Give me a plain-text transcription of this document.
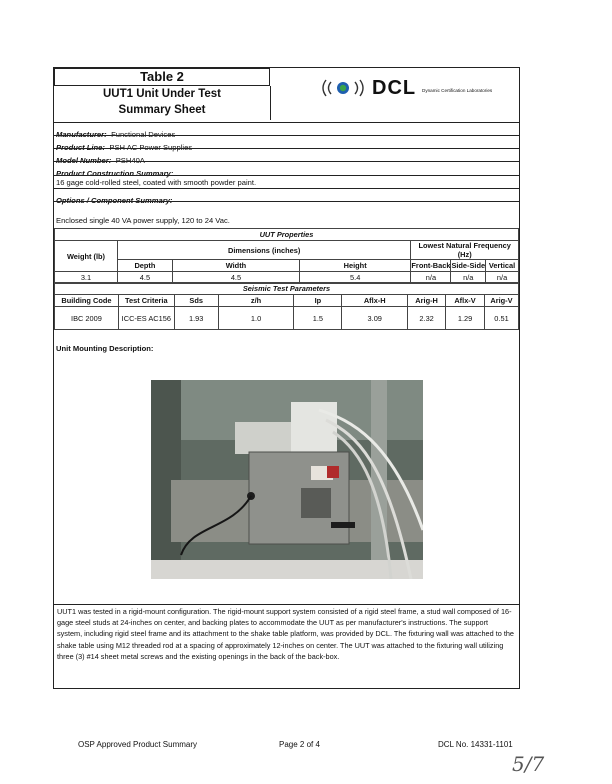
Table 2
UUT1 Unit Under Test
Summary Sheet
DCL Dynamic Certification Laboratories
Manufacturer: Functional Devices
Product Line: PSH AC Power Supplies
Model Number: PSH40A
Product Construction Summary:
16 gage cold-rolled steel, coated with smooth powder paint.
Options / Component Summary:
Enclosed single 40 VA power supply, 120 to 24 Vac.
UUT Properties						
Weight (lb)	Dimensions (inches)			Lowest Natural Frequency (Hz)		
	Depth	Width	Height	Front-Back	Side-Side	Vertical
3.1	4.5	4.5	5.4	n/a	n/a	n/a
Seismic Test Parameters								
Building Code	Test Criteria	Sds	z/h	Ip	Aflx-H	Arig-H	Aflx-V	Arig-V
IBC 2009	ICC-ES AC156	1.93	1.0	1.5	3.09	2.32	1.29	0.51
Unit Mounting Description:
UUT1 was tested in a rigid-mount configuration. The rigid-mount support system consisted of a rigid steel frame, a stud wall composed of 16-gage steel studs at 24-inches on center, and backing plates to accommodate the UUT as per manufacturer's instructions. The support system, including rigid steel frame and its attachment to the shake table platform, was provided by DCL. The fixturing wall was attached to the shake table using M12 threaded rod at a spacing of approximately 12-inches on center. The UUT was attached to the fixturing wall utilizing three (3) #14 sheet metal screws and the existing openings in the back of the back-box.
OSP Approved Product Summary	Page 2 of 4	DCL No. 14331-1101
5/7
